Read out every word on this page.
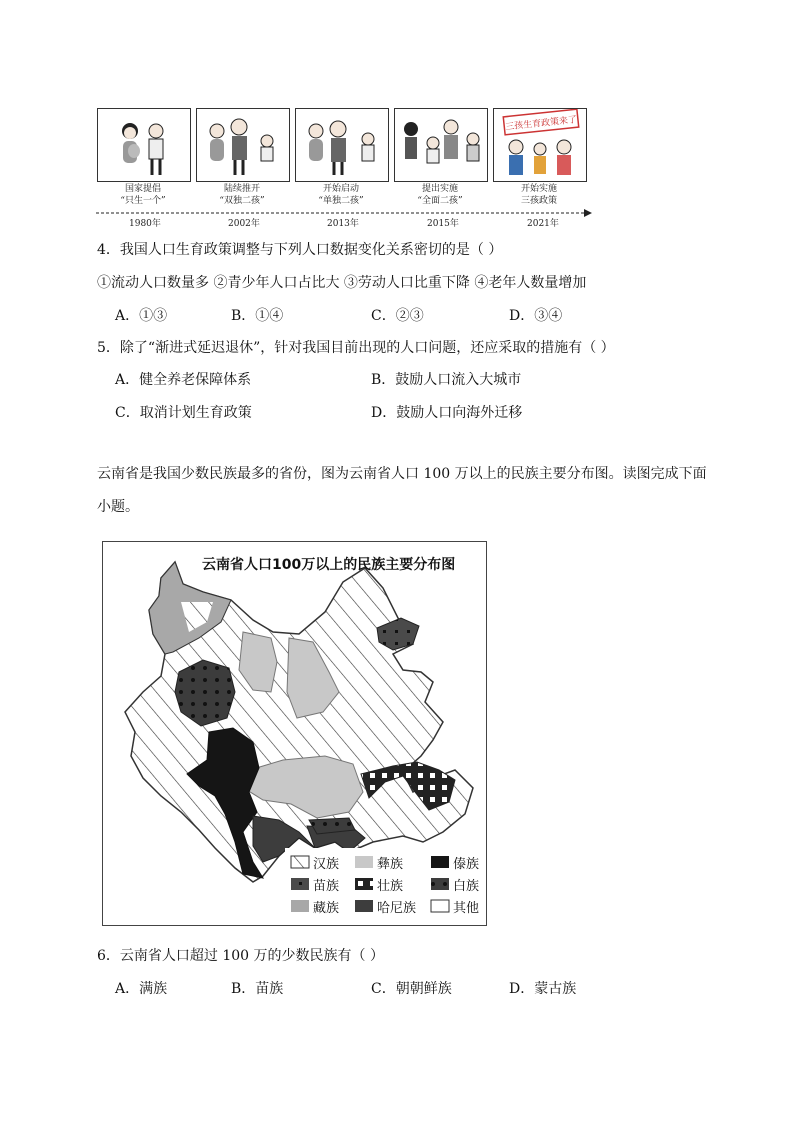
三孩生育政策来了
国家提倡
“只生一个”
陆续推开
“双独二孩”
开始启动
“单独二孩”
提出实施
“全面二孩”
开始实施
三孩政策
1980年	2002年	2013年	2015年	2021年
4．我国人口生育政策调整与下列人口数据变化关系密切的是（ ）
①流动人口数量多 ②青少年人口占比大 ③劳动人口比重下降 ④老年人数量增加
A．①③	B．①④	C．②③	D．③④
5．除了“渐进式延迟退休”，针对我国目前出现的人口问题，还应采取的措施有（ ）
A．健全养老保障体系	B．鼓励人口流入大城市
C．取消计划生育政策	D．鼓励人口向海外迁移
云南省是我国少数民族最多的省份，图为云南省人口 100 万以上的民族主要分布图。读图完成下面
小题。
云南省人口100万以上的民族主要分布图
汉族	彝族	傣族
苗族	壮族	白族
藏族	哈尼族	其他
6．云南省人口超过 100 万的少数民族有（ ）
A．满族	B．苗族	C．朝朝鲜族	D．蒙古族
